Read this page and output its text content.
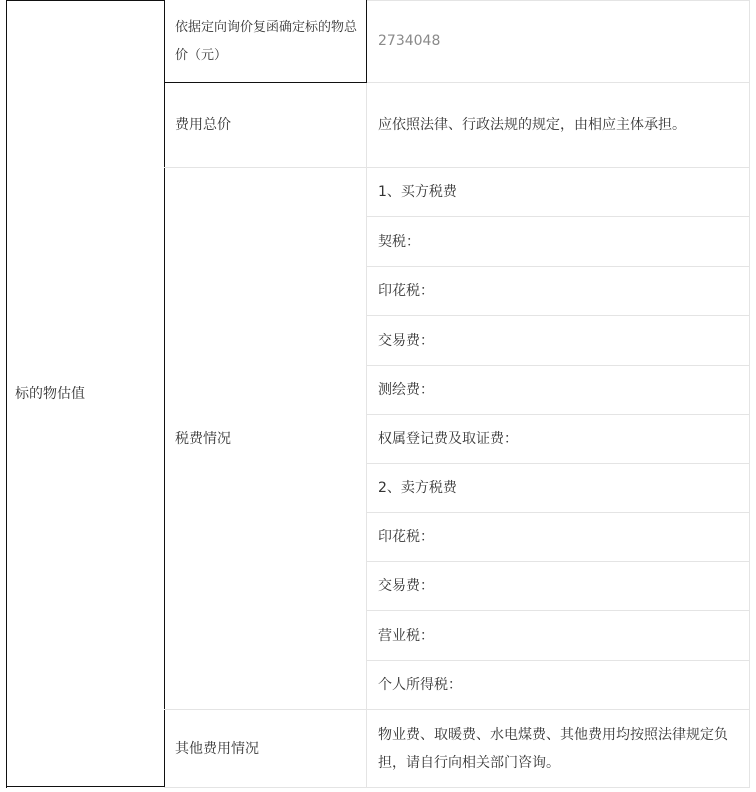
标的物估值
依据定向询价复函确定标的物总价（元）
2734048
费用总价	应依照法律、行政法规的规定，由相应主体承担。
税费情况
1、买方税费
契税：
印花税：
交易费：
测绘费：
权属登记费及取证费：
2、卖方税费
印花税：
交易费：
营业税：
个人所得税：
其他费用情况
物业费、取暖费、水电煤费、其他费用均按照法律规定负担，请自行向相关部门咨询。
